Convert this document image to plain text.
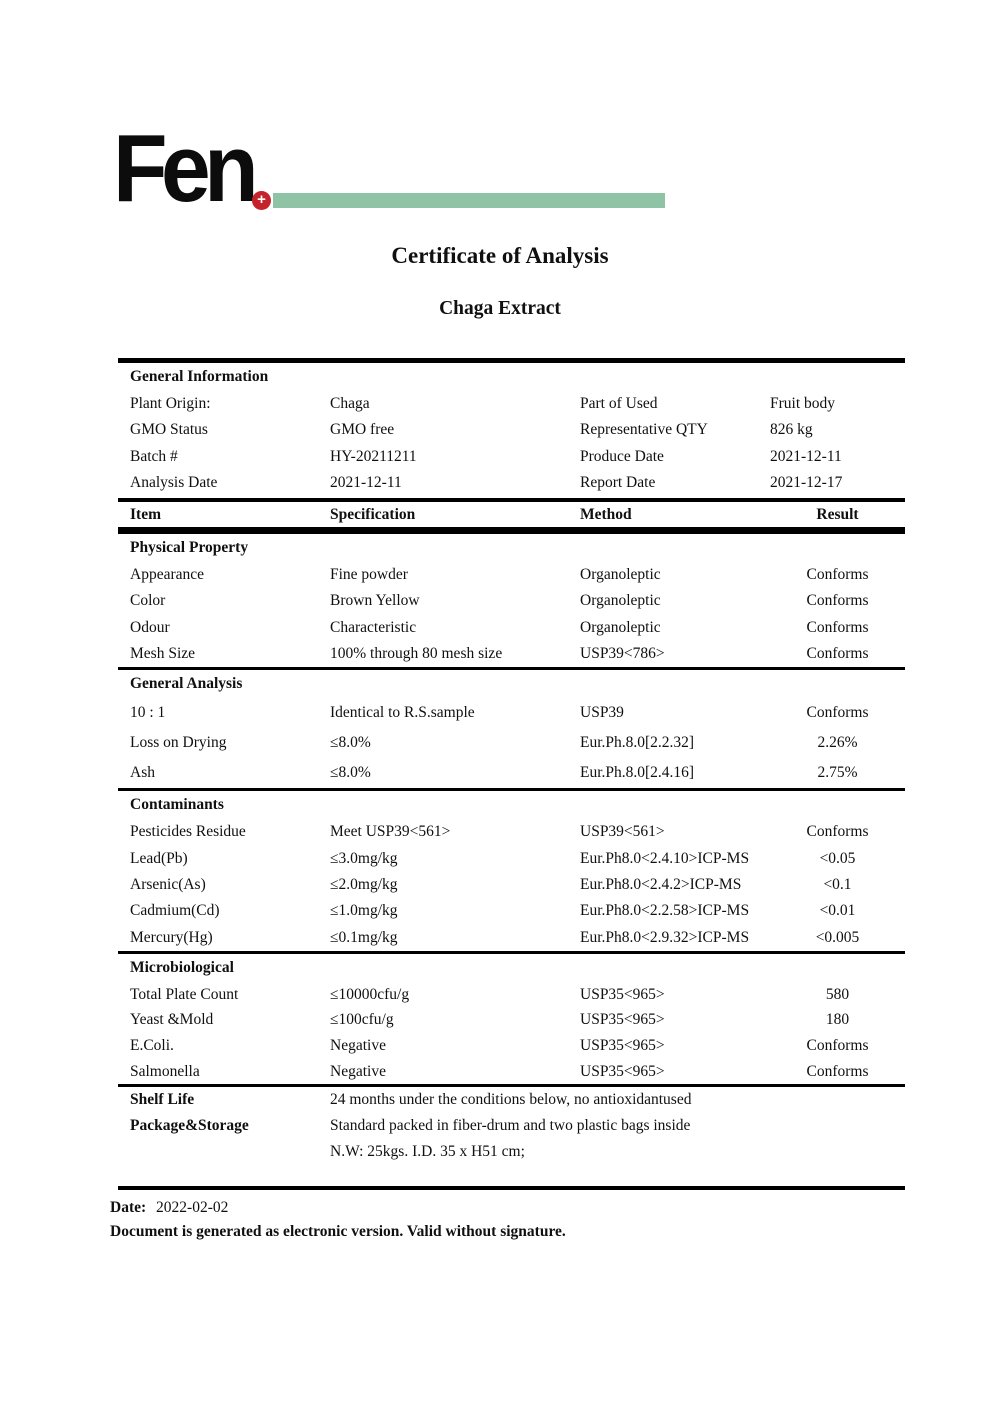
Fen
+
Certificate of Analysis
Chaga Extract
General Information
Plant Origin:	Chaga	Part of Used	Fruit body
GMO Status	GMO free	Representative QTY	826 kg
Batch #	HY-20211211	Produce Date	2021-12-11
Analysis Date	2021-12-11	Report Date	2021-12-17
Item	Specification	Method	Result
Physical Property
Appearance	Fine powder	Organoleptic	Conforms
Color	Brown Yellow	Organoleptic	Conforms
Odour	Characteristic	Organoleptic	Conforms
Mesh Size	100% through 80 mesh size	USP39<786>	Conforms
General Analysis
10 : 1	Identical to R.S.sample	USP39	Conforms
Loss on Drying	≤8.0%	Eur.Ph.8.0[2.2.32]	2.26%
Ash	≤8.0%	Eur.Ph.8.0[2.4.16]	2.75%
Contaminants
Pesticides Residue	Meet USP39<561>	USP39<561>	Conforms
Lead(Pb)	≤3.0mg/kg	Eur.Ph8.0<2.4.10>ICP-MS	<0.05
Arsenic(As)	≤2.0mg/kg	Eur.Ph8.0<2.4.2>ICP-MS	<0.1
Cadmium(Cd)	≤1.0mg/kg	Eur.Ph8.0<2.2.58>ICP-MS	<0.01
Mercury(Hg)	≤0.1mg/kg	Eur.Ph8.0<2.9.32>ICP-MS	<0.005
Microbiological
Total Plate Count	≤10000cfu/g	USP35<965>	580
Yeast &Mold	≤100cfu/g	USP35<965>	180
E.Coli.	Negative	USP35<965>	Conforms
Salmonella	Negative	USP35<965>	Conforms
Shelf Life	24 months under the conditions below, no antioxidantused
Package&Storage	Standard packed in fiber-drum and two plastic bags inside
N.W: 25kgs. I.D. 35 x H51 cm;
Date: 2022-02-02
Document is generated as electronic version. Valid without signature.
